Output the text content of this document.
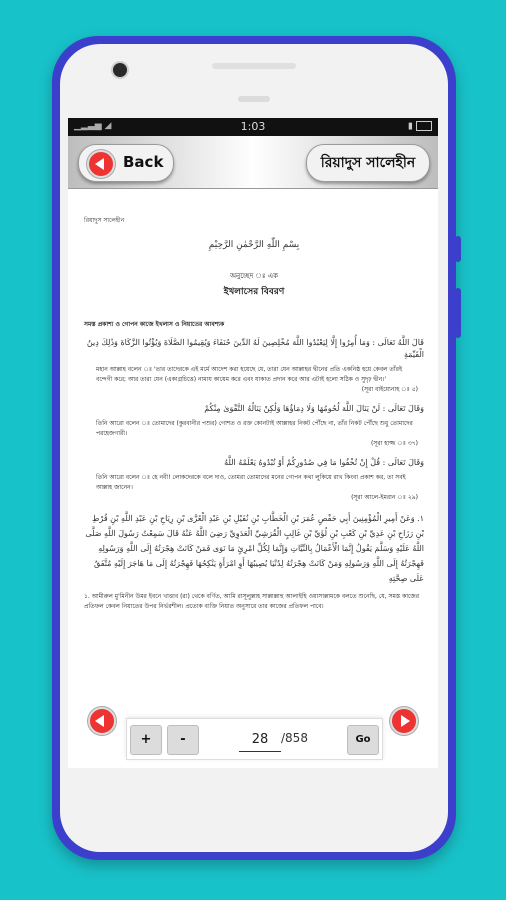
▁▂▃▅ ◢	1:03	▮
Back	রিয়াদুস সালেহীন
রিয়াদুস সালেহীন
بِسْمِ اللّٰهِ الرَّحْمٰنِ الرَّحِيْمِ
অনুচ্ছেদ ঃ এক
ইখলাসের বিবরণ
সমস্ত প্রকাশ্য ও গোপন কাজে ইখলাস ও নিয়াতের আবশ্যক
قَالَ اللَّهُ تَعَالَى : وَمَا أُمِرُوا إِلَّا لِيَعْبُدُوا اللَّهَ مُخْلِصِينَ لَهُ الدِّينَ حُنَفَاءَ وَيُقِيمُوا الصَّلَاةَ وَيُؤْتُوا الزَّكَاةَ وَذَٰلِكَ دِينُ الْقَيِّمَةِ
মহান আল্লাহ বলেন ঃ 'তার তাদেরকে এই মর্মে আদেশ করা হয়েছে যে, তারা যেন আল্লাহর দ্বীনের প্রতি একনিষ্ঠ হয়ে কেবল তাঁরই বন্দেগী করে; আর তারা যেন (একাগ্রচিত্তে) নামায কায়েম করে এবং যাকাত প্রদান করে আর এটাই হলো সঠিক ও সুদৃঢ় দ্বীন।'
(সূরা বাইয়্যেনাহ ঃ ৫)
وَقَالَ تَعَالَى : لَنْ يَنَالَ اللَّهَ لُحُومُهَا وَلَا دِمَاؤُهَا وَلَٰكِنْ يَنَالُهُ التَّقْوَىٰ مِنْكُمْ
তিনি আরো বলেন ঃ তোমাদের (কুরবানীর পশুর) গোশত ও রক্ত কোনটাই আল্লাহর নিকট পৌঁছে না, তাঁর নিকট পৌঁছে শুধু তোমাদের পরহেজগারী।
(সূরা হাজ্জ ঃ ৩৭)
وَقَالَ تَعَالَى : قُلْ إِنْ تُخْفُوا مَا فِي صُدُورِكُمْ أَوْ تُبْدُوهُ يَعْلَمْهُ اللَّهُ
তিনি আরো বলেন ঃ হে নবী! লোকদেরকে বলে দাও, তোমরা তোমাদের মনের গোপন কথা লুকিয়ে রাখ কিংবা প্রকাশ কর, তা সবই আল্লাহ জানেন।
(সূরা আলে-ইমরান ঃ ২৯)
١. وَعَنْ أَمِيرِ الْمُؤْمِنِينَ أَبِي حَفْصٍ عُمَرَ بْنِ الْخَطَّابِ بْنِ نُفَيْلِ بْنِ عَبْدِ الْعُزَّى بْنِ رِيَاحِ بْنِ عَبْدِ اللَّهِ بْنِ قُرْطِ بْنِ رَزَاحِ بْنِ عَدِيِّ بْنِ كَعْبِ بْنِ لُؤَيِّ بْنِ غَالِبٍ الْقُرَشِيِّ الْعَدَوِيِّ رَضِيَ اللَّهُ عَنْهُ قَالَ سَمِعْتُ رَسُولَ اللَّهِ صَلَّى اللَّهُ عَلَيْهِ وَسَلَّمَ يَقُولُ إِنَّمَا الْأَعْمَالُ بِالنِّيَّاتِ وَإِنَّمَا لِكُلِّ امْرِئٍ مَا نَوَى فَمَنْ كَانَتْ هِجْرَتُهُ إِلَى اللَّهِ وَرَسُولِهِ فَهِجْرَتُهُ إِلَى اللَّهِ وَرَسُولِهِ وَمَنْ كَانَتْ هِجْرَتُهُ لِدُنْيَا يُصِيبُهَا أَوِ امْرَأَةٍ يَنْكِحُهَا فَهِجْرَتُهُ إِلَى مَا هَاجَرَ إِلَيْهِ مُتَّفَقٌ عَلَى صِحَّتِهِ
১. আমীরুল মু'মিনীন উমর ইবনে খাত্তাব (রা) থেকে বর্ণিত, আমি রাসূলুল্লাহ সাল্লাল্লাহু আলাইহি ওয়াসাল্লামকে বলতে শুনেছি, যে, সমস্ত কাজের প্রতিফল কেবল নিয়াতের উপর নির্ভরশীল। প্রত্যেক ব্যক্তি নিয়াত অনুসারে তার কাজের প্রতিফল পাবে।
+	-
28	/858	Go
